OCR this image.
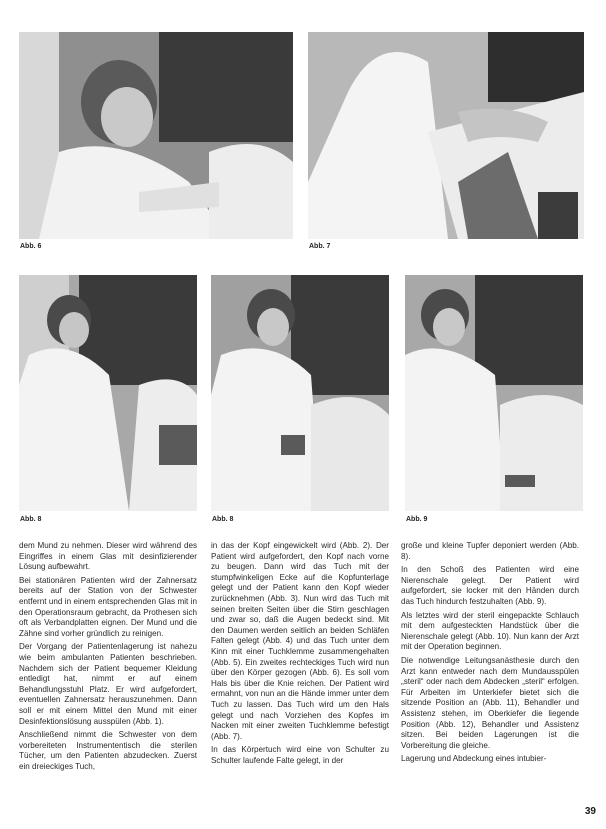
Abb. 6	Abb. 7
Abb. 8	Abb. 8	Abb. 9

dem Mund zu nehmen. Dieser wird während des Eingriffes in einem Glas mit desinfizierender Lösung aufbewahrt.

Bei stationären Patienten wird der Zahnersatz bereits auf der Station von der Schwester entfernt und in einem entsprechenden Glas mit in den Operationsraum gebracht, da Prothesen sich oft als Verbandplatten eignen. Der Mund und die Zähne sind vorher gründlich zu reinigen.

Der Vorgang der Patientenlagerung ist nahezu wie beim ambulanten Patienten beschrieben. Nachdem sich der Patient bequemer Kleidung entledigt hat, nimmt er auf einem Behandlungsstuhl Platz. Er wird aufgefordert, eventuellen Zahnersatz herauszunehmen. Dann soll er mit einem Mittel den Mund mit einer Desinfektionslösung ausspülen (Abb. 1).

Anschließend nimmt die Schwester von dem vorbereiteten Instrumententisch die sterilen Tücher, um den Patienten abzudecken. Zuerst ein dreieckiges Tuch,

in das der Kopf eingewickelt wird (Abb. 2). Der Patient wird aufgefordert, den Kopf nach vorne zu beugen. Dann wird das Tuch mit der stumpfwinkeligen Ecke auf die Kopfunterlage gelegt und der Patient kann den Kopf wieder zurücknehmen (Abb. 3). Nun wird das Tuch mit seinen breiten Seiten über die Stirn geschlagen und zwar so, daß die Augen bedeckt sind. Mit den Daumen werden seitlich an beiden Schläfen Falten gelegt (Abb. 4) und das Tuch unter dem Kinn mit einer Tuchklemme zusammengehalten (Abb. 5). Ein zweites rechteckiges Tuch wird nun über den Körper gezogen (Abb. 6). Es soll vom Hals bis über die Knie reichen. Der Patient wird ermahnt, von nun an die Hände immer unter dem Tuch zu lassen. Das Tuch wird um den Hals gelegt und nach Vorziehen des Kopfes im Nacken mit einer zweiten Tuchklemme befestigt (Abb. 7).

In das Körpertuch wird eine von Schulter zu Schulter laufende Falte gelegt, in der

große und kleine Tupfer deponiert werden (Abb. 8).

In den Schoß des Patienten wird eine Nierenschale gelegt. Der Patient wird aufgefordert, sie locker mit den Händen durch das Tuch hindurch festzuhalten (Abb. 9).

Als letztes wird der steril eingepackte Schlauch mit dem aufgesteckten Handstück über die Nierenschale gelegt (Abb. 10). Nun kann der Arzt mit der Operation beginnen.

Die notwendige Leitungsanästhesie durch den Arzt kann entweder nach dem Mundausspülen „steril“ oder nach dem Abdecken „steril“ erfolgen. Für Arbeiten im Unterkiefer bietet sich die sitzende Position an (Abb. 11), Behandler und Assistenz stehen, im Oberkiefer die liegende Position (Abb. 12), Behandler und Assistenz sitzen. Bei beiden Lagerungen ist die Vorbereitung die gleiche.

Lagerung und Abdeckung eines intubier-

39
